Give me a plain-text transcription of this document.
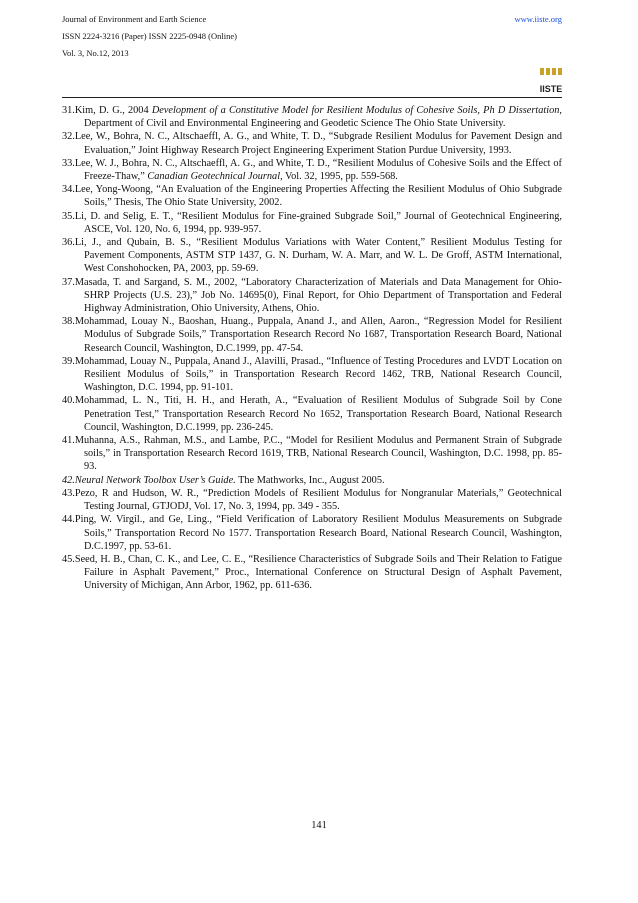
Journal of Environment and Earth Science
ISSN 2224-3216 (Paper) ISSN 2225-0948 (Online)
Vol. 3, No.12, 2013
www.iiste.org
IISTE

31.Kim, D. G., 2004 Development of a Constitutive Model for Resilient Modulus of Cohesive Soils, Ph D Dissertation, Department of Civil and Environmental Engineering and Geodetic Science The Ohio State University.

32.Lee, W., Bohra, N. C., Altschaeffl, A. G., and White, T. D., “Subgrade Resilient Modulus for Pavement Design and Evaluation,” Joint Highway Research Project Engineering Experiment Station Purdue University, 1993.

33.Lee, W. J., Bohra, N. C., Altschaeffl, A. G., and White, T. D., “Resilient Modulus of Cohesive Soils and the Effect of Freeze-Thaw,” Canadian Geotechnical Journal, Vol. 32, 1995, pp. 559-568.

34.Lee, Yong-Woong, “An Evaluation of the Engineering Properties Affecting the Resilient Modulus of Ohio Subgrade Soils,” Thesis, The Ohio State University, 2002.

35.Li, D. and Selig, E. T., “Resilient Modulus for Fine-grained Subgrade Soil,” Journal of Geotechnical Engineering, ASCE, Vol. 120, No. 6, 1994, pp. 939-957.

36.Li, J., and Qubain, B. S., “Resilient Modulus Variations with Water Content,” Resilient Modulus Testing for Pavement Components, ASTM STP 1437, G. N. Durham, W. A. Marr, and W. L. De Groff, ASTM International, West Conshohocken, PA, 2003, pp. 59-69.

37.Masada, T. and Sargand, S. M., 2002, “Laboratory Characterization of Materials and Data Management for Ohio-SHRP Projects (U.S. 23),” Job No. 14695(0), Final Report, for Ohio Department of Transportation and Federal Highway Administration, Ohio University, Athens, Ohio.

38.Mohammad, Louay N., Baoshan, Huang., Puppala, Anand J., and Allen, Aaron., “Regression Model for Resilient Modulus of Subgrade Soils,” Transportation Research Record No 1687, Transportation Research Board, National Research Council, Washington, D.C.1999, pp. 47-54.

39.Mohammad, Louay N., Puppala, Anand J., Alavilli, Prasad., “Influence of Testing Procedures and LVDT Location on Resilient Modulus of Soils,” in Transportation Research Record 1462, TRB, National Research Council, Washington, D.C. 1994, pp. 91-101.

40.Mohammad, L. N., Titi, H. H., and Herath, A., “Evaluation of Resilient Modulus of Subgrade Soil by Cone Penetration Test,” Transportation Research Record No 1652, Transportation Research Board, National Research Council, Washington, D.C.1999, pp. 236-245.

41.Muhanna, A.S., Rahman, M.S., and Lambe, P.C., “Model for Resilient Modulus and Permanent Strain of Subgrade soils,” in Transportation Research Record 1619, TRB, National Research Council, Washington, D.C. 1998, pp. 85-93.

42.Neural Network Toolbox User’s Guide. The Mathworks, Inc., August 2005.

43.Pezo, R and Hudson, W. R., “Prediction Models of Resilient Modulus for Nongranular Materials,” Geotechnical Testing Journal, GTJODJ, Vol. 17, No. 3, 1994, pp. 349 - 355.

44.Ping, W. Virgil., and Ge, Ling., “Field Verification of Laboratory Resilient Modulus Measurements on Subgrade Soils,” Transportation Record No 1577. Transportation Research Board, National Research Council, Washington, D.C.1997, pp. 53-61.

45.Seed, H. B., Chan, C. K., and Lee, C. E., “Resilience Characteristics of Subgrade Soils and Their Relation to Fatigue Failure in Asphalt Pavement,” Proc., International Conference on Structural Design of Asphalt Pavement, University of Michigan, Ann Arbor, 1962, pp. 611-636.

141
